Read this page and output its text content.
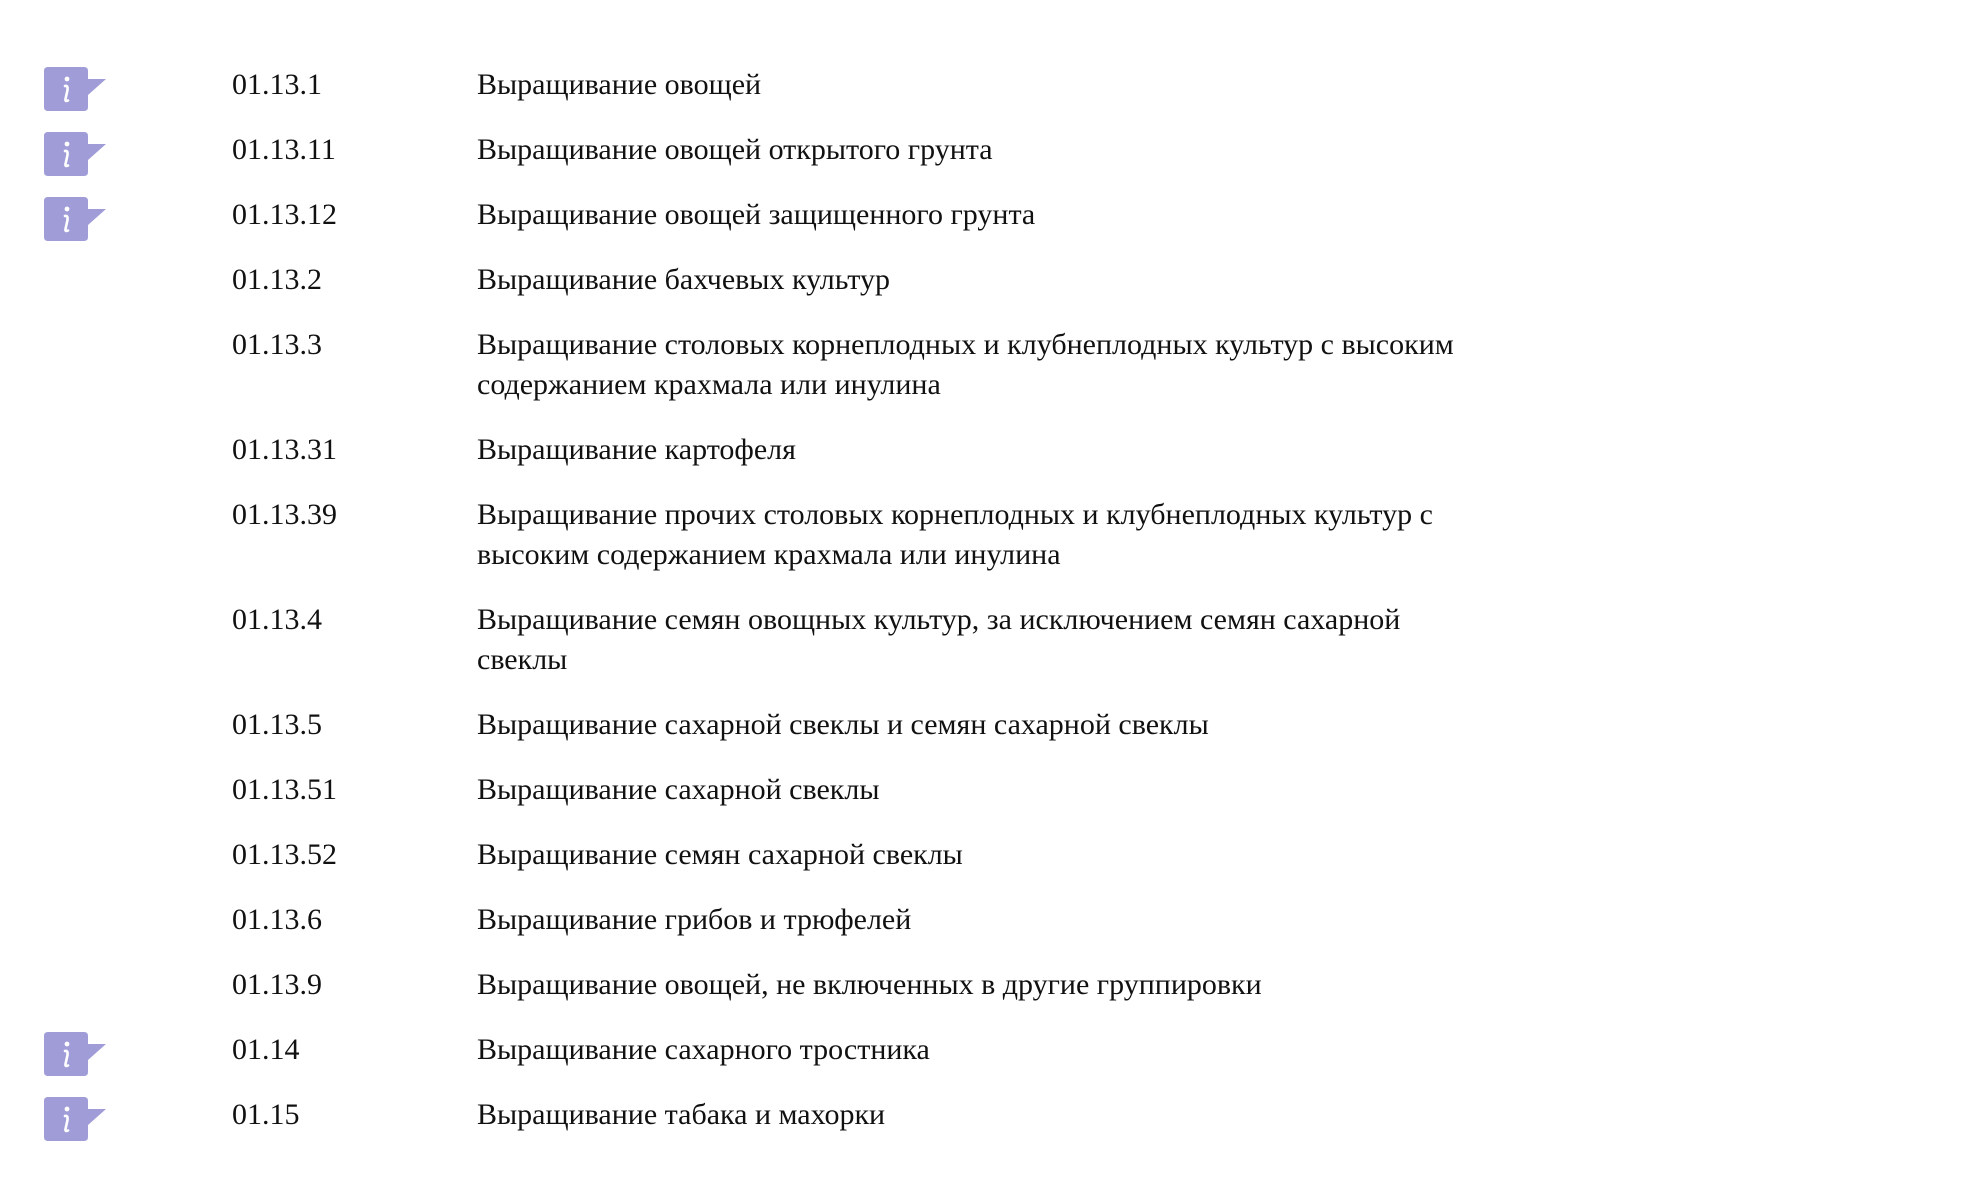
01.13.1	Выращивание овощей
01.13.11	Выращивание овощей открытого грунта
01.13.12	Выращивание овощей защищенного грунта
01.13.2	Выращивание бахчевых культур
01.13.3	Выращивание столовых корнеплодных и клубнеплодных культур с высоким содержанием крахмала или инулина
01.13.31	Выращивание картофеля
01.13.39	Выращивание прочих столовых корнеплодных и клубнеплодных культур с высоким содержанием крахмала или инулина
01.13.4	Выращивание семян овощных культур, за исключением семян сахарной свеклы
01.13.5	Выращивание сахарной свеклы и семян сахарной свеклы
01.13.51	Выращивание сахарной свеклы
01.13.52	Выращивание семян сахарной свеклы
01.13.6	Выращивание грибов и трюфелей
01.13.9	Выращивание овощей, не включенных в другие группировки
01.14	Выращивание сахарного тростника
01.15	Выращивание табака и махорки
